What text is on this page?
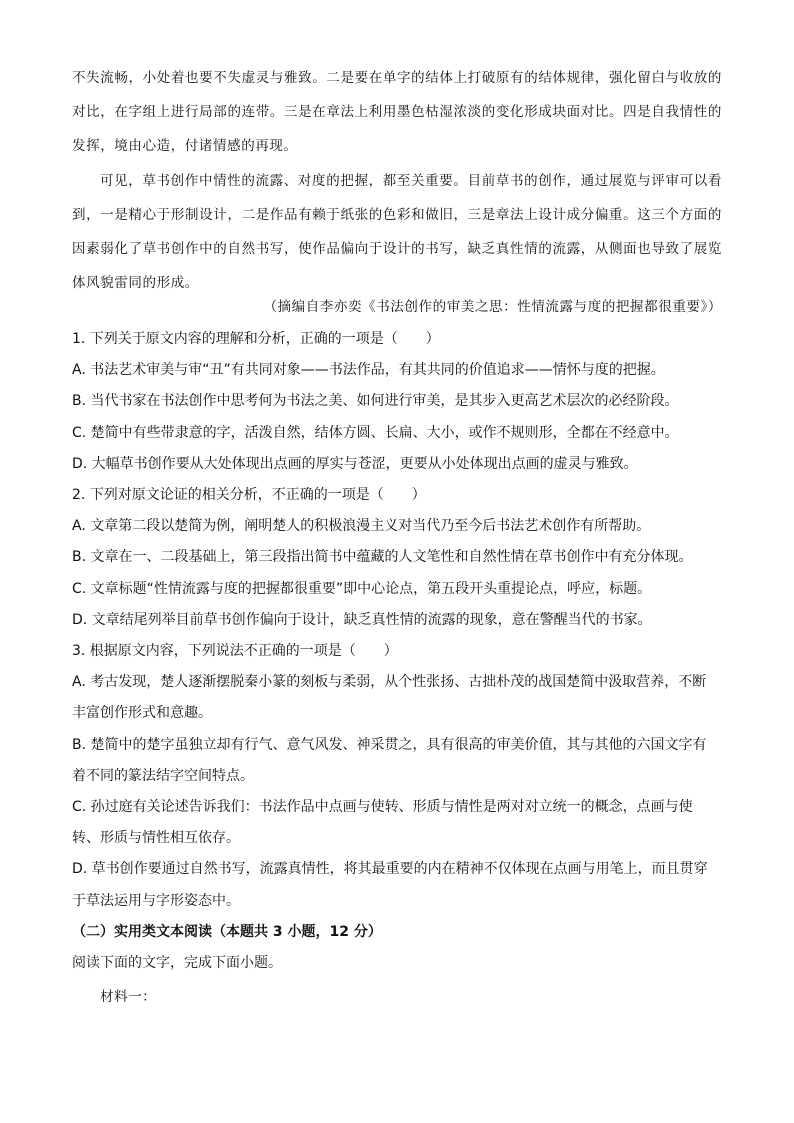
不失流畅，小处着也要不失虚灵与雅致。二是要在单字的结体上打破原有的结体规律，强化留白与收放的对比，在字组上进行局部的连带。三是在章法上利用墨色枯湿浓淡的变化形成块面对比。四是自我情性的发挥，境由心造，付诸情感的再现。
可见，草书创作中情性的流露、对度的把握，都至关重要。目前草书的创作，通过展览与评审可以看到，一是精心于形制设计，二是作品有赖于纸张的色彩和做旧，三是章法上设计成分偏重。这三个方面的因素弱化了草书创作中的自然书写，使作品偏向于设计的书写，缺乏真性情的流露，从侧面也导致了展览体风貌雷同的形成。
（摘编自李亦奕《书法创作的审美之思：性情流露与度的把握都很重要》）
1. 下列关于原文内容的理解和分析，正确的一项是（　　）
A. 书法艺术审美与审“丑”有共同对象——书法作品，有其共同的价值追求——情怀与度的把握。
B. 当代书家在书法创作中思考何为书法之美、如何进行审美，是其步入更高艺术层次的必经阶段。
C. 楚简中有些带隶意的字，活泼自然，结体方圆、长扁、大小，或作不规则形，全都在不经意中。
D. 大幅草书创作要从大处体现出点画的厚实与苍涩，更要从小处体现出点画的虚灵与雅致。
2. 下列对原文论证的相关分析，不正确的一项是（　　）
A. 文章第二段以楚简为例，阐明楚人的积极浪漫主义对当代乃至今后书法艺术创作有所帮助。
B. 文章在一、二段基础上，第三段指出简书中蕴藏的人文笔性和自然性情在草书创作中有充分体现。
C. 文章标题“性情流露与度的把握都很重要”即中心论点，第五段开头重提论点，呼应，标题。
D. 文章结尾列举目前草书创作偏向于设计，缺乏真性情的流露的现象，意在警醒当代的书家。
3. 根据原文内容，下列说法不正确的一项是（　　）
A. 考古发现，楚人逐渐摆脱秦小篆的刻板与柔弱，从个性张扬、古拙朴茂的战国楚简中汲取营养，不断
丰富创作形式和意趣。
B. 楚简中的楚字虽独立却有行气、意气风发、神采贯之，具有很高的审美价值，其与其他的六国文字有
着不同的篆法结字空间特点。
C. 孙过庭有关论述告诉我们：书法作品中点画与使转、形质与情性是两对对立统一的概念，点画与使
转、形质与情性相互依存。
D. 草书创作要通过自然书写，流露真情性，将其最重要的内在精神不仅体现在点画与用笔上，而且贯穿
于草法运用与字形姿态中。
（二）实用类文本阅读（本题共 3 小题，12 分）
阅读下面的文字，完成下面小题。
材料一：
